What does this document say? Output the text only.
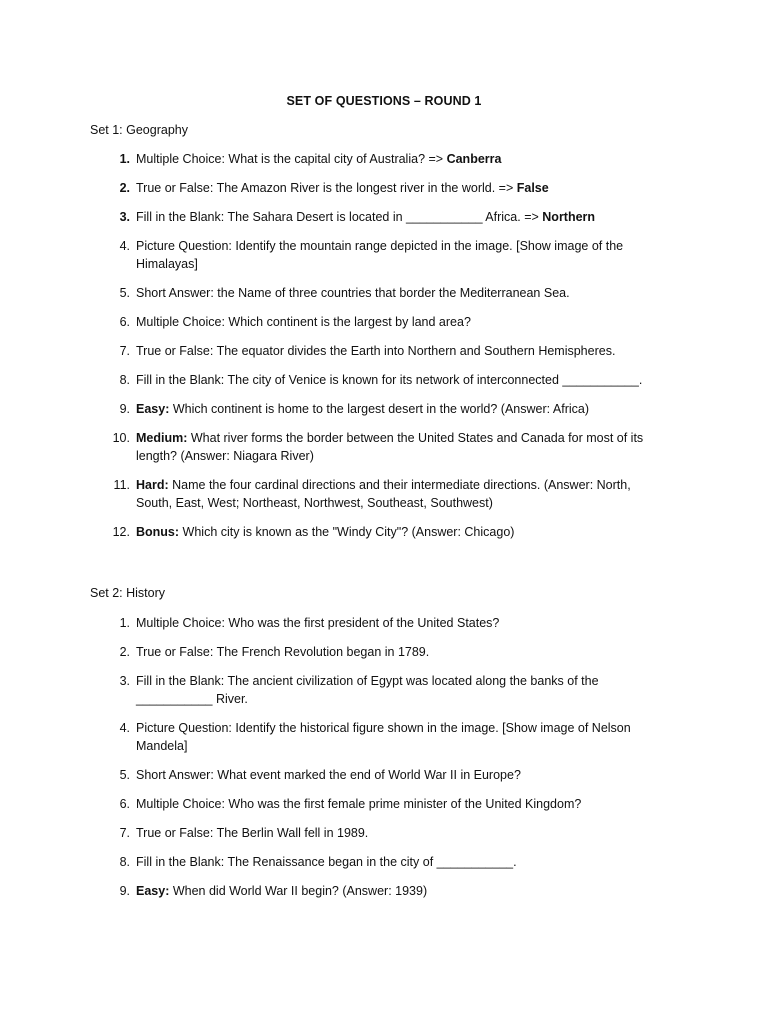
SET OF QUESTIONS – ROUND 1
Set 1: Geography
1. Multiple Choice: What is the capital city of Australia? => Canberra
2. True or False: The Amazon River is the longest river in the world. => False
3. Fill in the Blank: The Sahara Desert is located in ___________ Africa. => Northern
4. Picture Question: Identify the mountain range depicted in the image. [Show image of the Himalayas]
5. Short Answer: the Name of three countries that border the Mediterranean Sea.
6. Multiple Choice: Which continent is the largest by land area?
7. True or False: The equator divides the Earth into Northern and Southern Hemispheres.
8. Fill in the Blank: The city of Venice is known for its network of interconnected ___________.
9. Easy: Which continent is home to the largest desert in the world? (Answer: Africa)
10. Medium: What river forms the border between the United States and Canada for most of its length? (Answer: Niagara River)
11. Hard: Name the four cardinal directions and their intermediate directions. (Answer: North, South, East, West; Northeast, Northwest, Southeast, Southwest)
12. Bonus: Which city is known as the "Windy City"? (Answer: Chicago)
Set 2: History
1. Multiple Choice: Who was the first president of the United States?
2. True or False: The French Revolution began in 1789.
3. Fill in the Blank: The ancient civilization of Egypt was located along the banks of the ___________ River.
4. Picture Question: Identify the historical figure shown in the image. [Show image of Nelson Mandela]
5. Short Answer: What event marked the end of World War II in Europe?
6. Multiple Choice: Who was the first female prime minister of the United Kingdom?
7. True or False: The Berlin Wall fell in 1989.
8. Fill in the Blank: The Renaissance began in the city of ___________.
9. Easy: When did World War II begin? (Answer: 1939)
